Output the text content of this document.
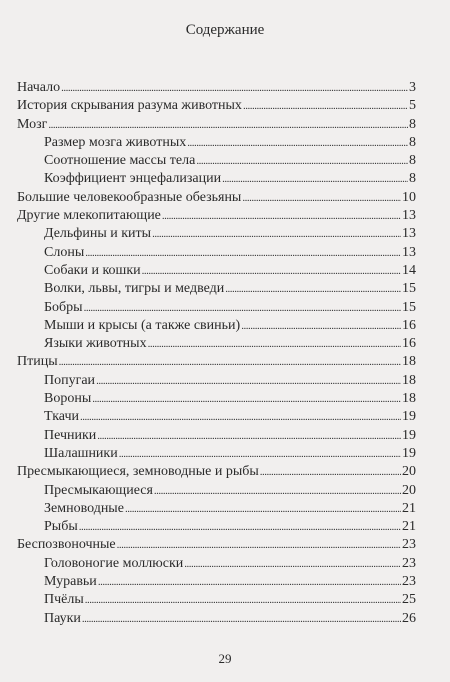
Содержание
Начало .....	3
История скрывания разума животных .....	5
Мозг .....	8
Размер мозга животных .....	8
Соотношение массы тела .....	8
Коэффициент энцефализации .....	8
Большие человекообразные обезьяны .....	10
Другие млекопитающие .....	13
Дельфины и киты .....	13
Слоны .....	13
Собаки и кошки .....	14
Волки, львы, тигры и медведи .....	15
Бобры .....	15
Мыши и крысы (а также свиньи) .....	16
Языки животных .....	16
Птицы .....	18
Попугаи .....	18
Вороны .....	18
Ткачи .....	19
Печники .....	19
Шалашники .....	19
Пресмыкающиеся, земноводные и рыбы .....	20
Пресмыкающиеся .....	20
Земноводные .....	21
Рыбы .....	21
Беспозвоночные .....	23
Головоногие моллюски .....	23
Муравьи .....	23
Пчёлы .....	25
Пауки .....	26
29
